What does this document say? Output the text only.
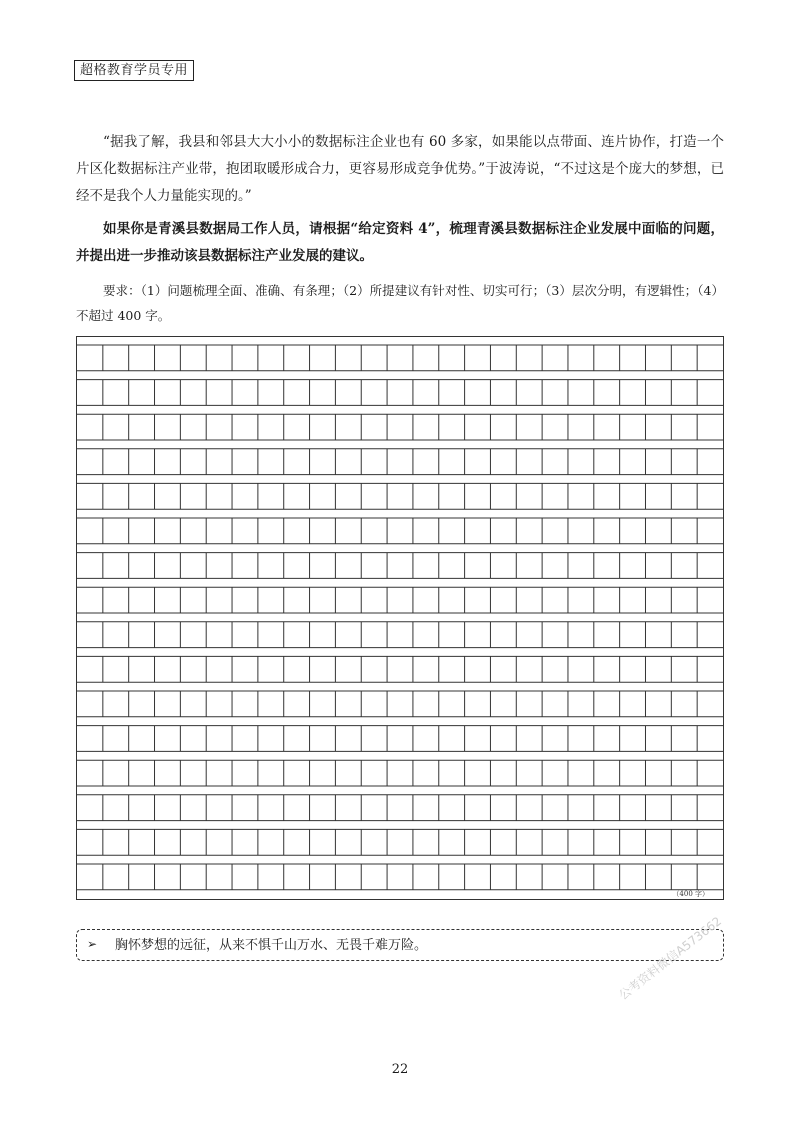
超格教育学员专用

“据我了解，我县和邻县大大小小的数据标注企业也有 60 多家，如果能以点带面、连片协作，打造一个片区化数据标注产业带，抱团取暖形成合力，更容易形成竞争优势。”于波涛说，“不过这是个庞大的梦想，已经不是我个人力量能实现的。”

如果你是青溪县数据局工作人员，请根据“给定资料 4”，梳理青溪县数据标注企业发展中面临的问题，并提出进一步推动该县数据标注产业发展的建议。

要求：（1）问题梳理全面、准确、有条理；（2）所提建议有针对性、切实可行；（3）层次分明，有逻辑性；（4）不超过 400 字。

（400 字）
➢ 胸怀梦想的远征，从来不惧千山万水、无畏千难万险。	公考资料微信A573662
22
